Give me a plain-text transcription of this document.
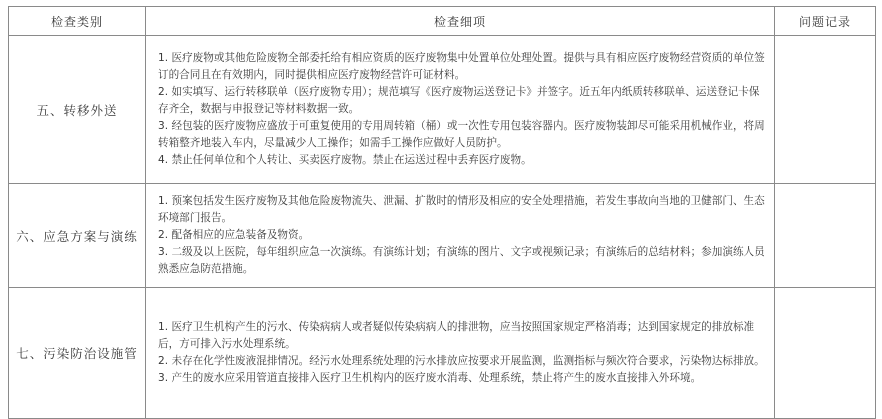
检查类别	检查细项	问题记录
五、转移外送	1. 医疗废物或其他危险废物全部委托给有相应资质的医疗废物集中处置单位处理处置。提供与具有相应医疗废物经营资质的单位签订的合同且在有效期内，同时提供相应医疗废物经营许可证材料。

2. 如实填写、运行转移联单（医疗废物专用）；规范填写《医疗废物运送登记卡》并签字。近五年内纸质转移联单、运送登记卡保存齐全，数据与申报登记等材料数据一致。

3. 经包装的医疗废物应盛放于可重复使用的专用周转箱（桶）或一次性专用包装容器内。医疗废物装卸尽可能采用机械作业，将周转箱整齐地装入车内，尽量减少人工操作；如需手工操作应做好人员防护。

4. 禁止任何单位和个人转让、买卖医疗废物。禁止在运送过程中丢弃医疗废物。	

六、应急方案与演练	1. 预案包括发生医疗废物及其他危险废物流失、泄漏、扩散时的情形及相应的安全处理措施，若发生事故向当地的卫健部门、生态环境部门报告。

2. 配备相应的应急装备及物资。

3. 二级及以上医院，每年组织应急一次演练。有演练计划；有演练的图片、文字或视频记录；有演练后的总结材料；参加演练人员熟悉应急防范措施。	

七、污染防治设施管	1. 医疗卫生机构产生的污水、传染病病人或者疑似传染病病人的排泄物，应当按照国家规定严格消毒；达到国家规定的排放标准后，方可排入污水处理系统。

2. 未存在化学性废液混排情况。经污水处理系统处理的污水排放应按要求开展监测，监测指标与频次符合要求，污染物达标排放。

3. 产生的废水应采用管道直接排入医疗卫生机构内的医疗废水消毒、处理系统，禁止将产生的废水直接排入外环境。	
